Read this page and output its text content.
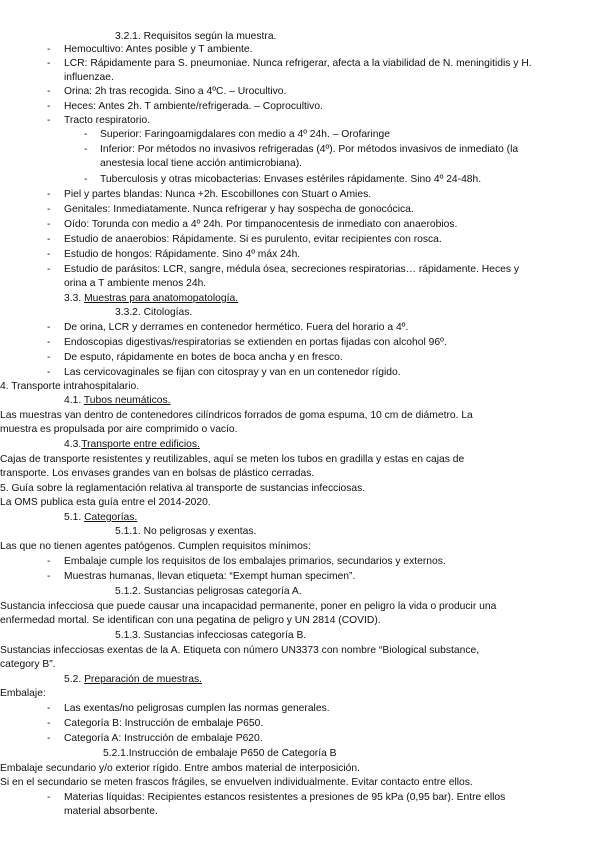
3.2.1. Requisitos según la muestra.
- Hemocultivo: Antes posible y T ambiente.
- LCR: Rápidamente para S. pneumoniae. Nunca refrigerar, afecta a la viabilidad de N. meningitidis y H.
influenzae.
- Orina: 2h tras recogida. Sino a 4ºC. – Urocultivo.
- Heces: Antes 2h. T ambiente/refrigerada. – Coprocultivo.
- Tracto respiratorio.
- Superior: Faringoamigdalares con medio a 4º 24h. – Orofaringe
- Inferior: Por métodos no invasivos refrigeradas (4º). Por métodos invasivos de inmediato (la
anestesia local tiene acción antimicrobiana).
- Tuberculosis y otras micobacterias: Envases estériles rápidamente. Sino 4º 24-48h.
- Piel y partes blandas: Nunca +2h. Escobillones con Stuart o Amies.
- Genitales: Inmediatamente. Nunca refrigerar y hay sospecha de gonocócica.
- Oído: Torunda con medio a 4º 24h. Por timpanocentesis de inmediato con anaerobios.
- Estudio de anaerobios: Rápidamente. Si es purulento, evitar recipientes con rosca.
- Estudio de hongos: Rápidamente. Sino 4º máx 24h.
- Estudio de parásitos: LCR, sangre, médula ósea, secreciones respiratorias… rápidamente. Heces y
orina a T ambiente menos 24h.
3.3. Muestras para anatomopatología.
3.3.2. Citologías.
- De orina, LCR y derrames en contenedor hermético. Fuera del horario a 4º.
- Endoscopias digestivas/respiratorias se extienden en portas fijadas con alcohol 96º.
- De esputo, rápidamente en botes de boca ancha y en fresco.
- Las cervicovaginales se fijan con citospray y van en un contenedor rígido.
4. Transporte intrahospitalario.
4.1. Tubos neumáticos.
Las muestras van dentro de contenedores cilíndricos forrados de goma espuma, 10 cm de diámetro. La
muestra es propulsada por aire comprimido o vacío.
4.3.Transporte entre edificios.
Cajas de transporte resistentes y reutilizables, aquí se meten los tubos en gradilla y estas en cajas de
transporte. Los envases grandes van en bolsas de plástico cerradas.
5. Guía sobre la reglamentación relativa al transporte de sustancias infecciosas.
La OMS publica esta guía entre el 2014-2020.
5.1. Categorías.
5.1.1. No peligrosas y exentas.
Las que no tienen agentes patógenos. Cumplen requisitos mínimos:
- Embalaje cumple los requisitos de los embalajes primarios, secundarios y externos.
- Muestras humanas, llevan etiqueta: “Exempt human specimen”.
5.1.2. Sustancias peligrosas categoría A.
Sustancia infecciosa que puede causar una incapacidad permanente, poner en peligro la vida o producir una
enfermedad mortal. Se identifican con una pegatina de peligro y UN 2814 (COVID).
5.1.3. Sustancias infecciosas categoría B.
Sustancias infecciosas exentas de la A. Etiqueta con número UN3373 con nombre “Biological substance,
category B”.
5.2. Preparación de muestras.
Embalaje:
- Las exentas/no peligrosas cumplen las normas generales.
- Categoría B: Instrucción de embalaje P650.
- Categoría A: Instrucción de embalaje P620.
5.2.1.Instrucción de embalaje P650 de Categoría B
Embalaje secundario y/o exterior rígido. Entre ambos material de interposición.
Si en el secundario se meten frascos frágiles, se envuelven individualmente. Evitar contacto entre ellos.
- Materias líquidas: Recipientes estancos resistentes a presiones de 95 kPa (0,95 bar). Entre ellos
material absorbente.
